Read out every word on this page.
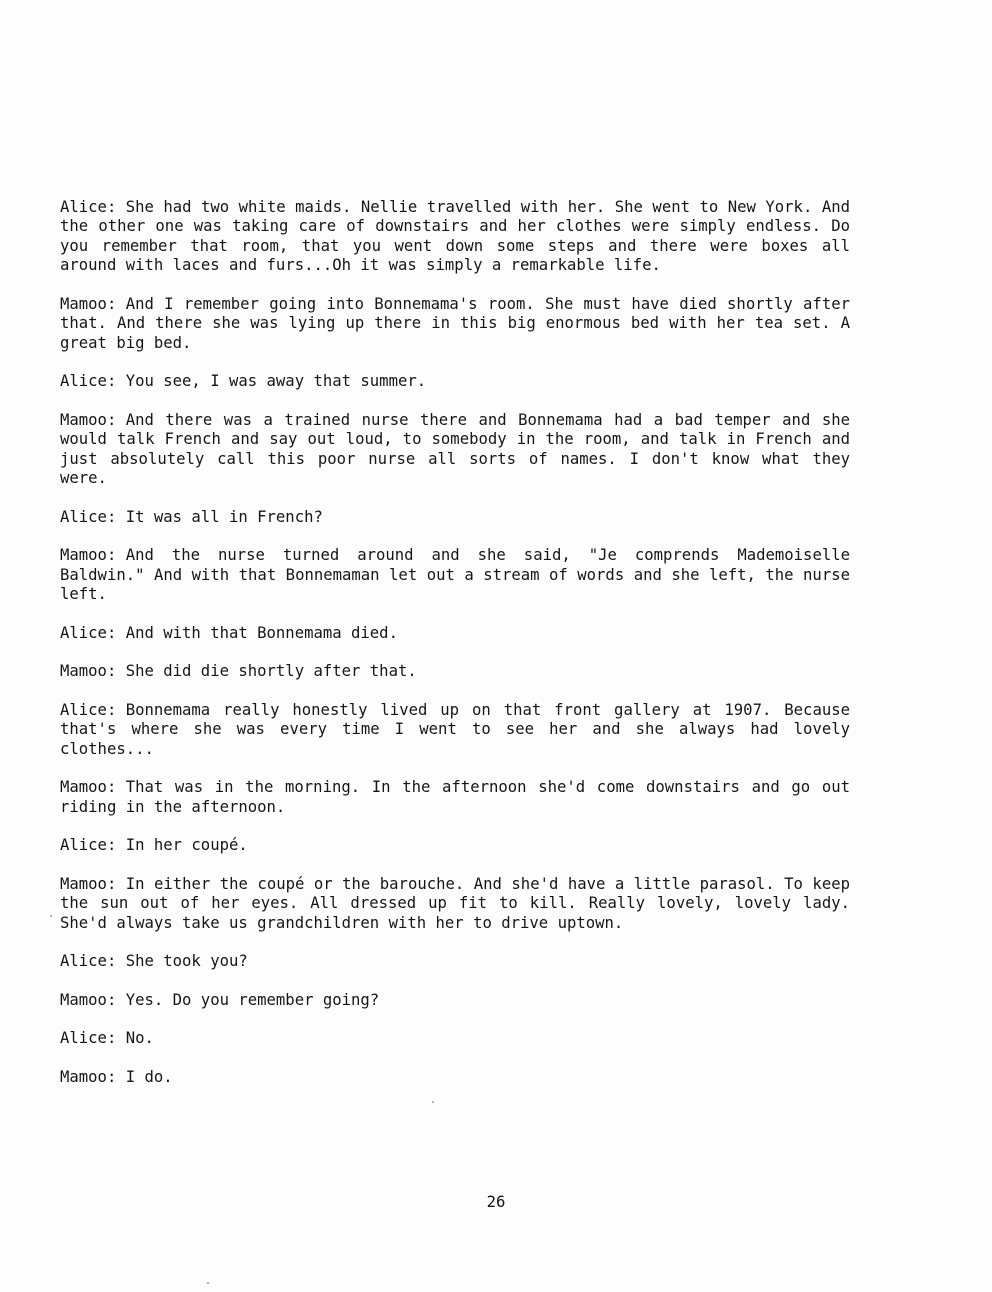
Alice: She had two white maids. Nellie travelled with her. She went to New York. And the other one was taking care of downstairs and her clothes were simply endless. Do you remember that room, that you went down some steps and there were boxes all around with laces and furs...Oh it was simply a remarkable life.

Mamoo: And I remember going into Bonnemama's room. She must have died shortly after that. And there she was lying up there in this big enormous bed with her tea set. A great big bed.

Alice: You see, I was away that summer.

Mamoo: And there was a trained nurse there and Bonnemama had a bad temper and she would talk French and say out loud, to somebody in the room, and talk in French and just absolutely call this poor nurse all sorts of names. I don't know what they were.

Alice: It was all in French?

Mamoo: And the nurse turned around and she said, "Je comprends Mademoiselle Baldwin." And with that Bonnemaman let out a stream of words and she left, the nurse left.

Alice: And with that Bonnemama died.

Mamoo: She did die shortly after that.

Alice: Bonnemama really honestly lived up on that front gallery at 1907. Because that's where she was every time I went to see her and she always had lovely clothes...

Mamoo: That was in the morning. In the afternoon she'd come downstairs and go out riding in the afternoon.

Alice: In her coupé.

Mamoo: In either the coupé or the barouche. And she'd have a little parasol. To keep the sun out of her eyes. All dressed up fit to kill. Really lovely, lovely lady. She'd always take us grandchildren with her to drive uptown.

Alice: She took you?

Mamoo: Yes. Do you remember going?

Alice: No.

Mamoo: I do.

26
